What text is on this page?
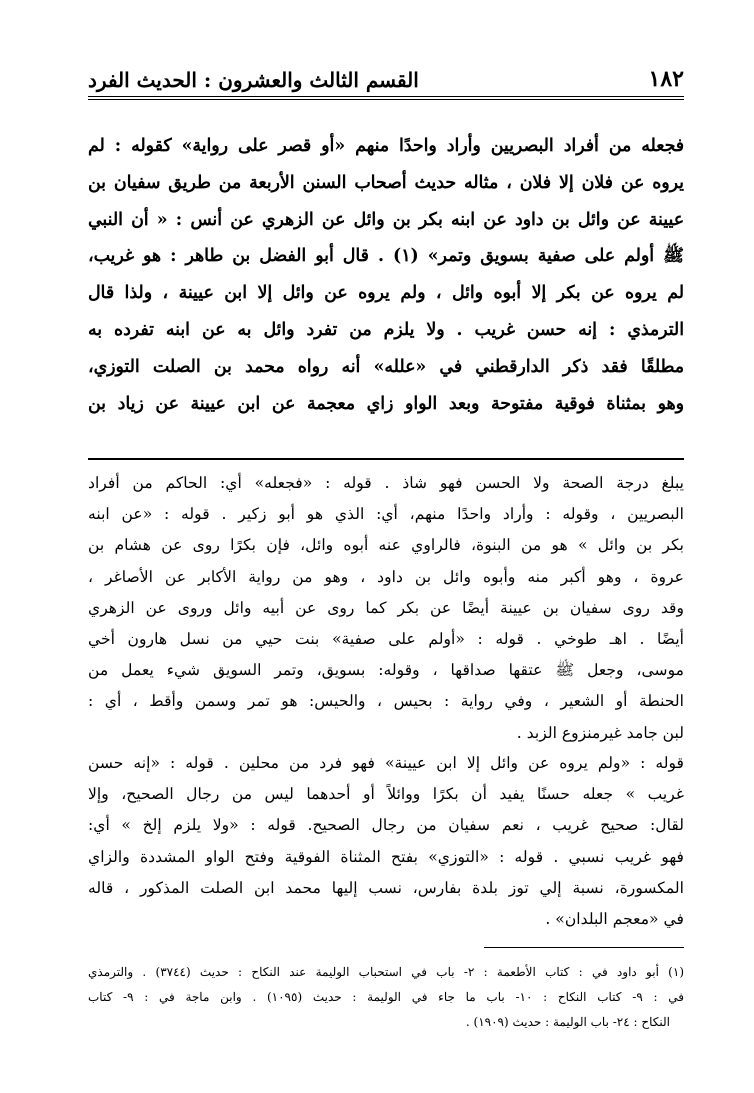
١٨٢
القسم الثالث والعشرون : الحديث الفرد
فجعله من أفراد البصريين وأراد واحدًا منهم «أو قصر على رواية» كقوله : لم
يروه عن فلان إلا فلان ، مثاله حديث أصحاب السنن الأربعة من طريق سفيان بن
عيينة عن وائل بن داود عن ابنه بكر بن وائل عن الزهري عن أنس : « أن النبي
ﷺ أولم على صفية بسويق وتمر» (١) . قال أبو الفضل بن طاهر : هو غريب،
لم يروه عن بكر إلا أبوه وائل ، ولم يروه عن وائل إلا ابن عيينة ، ولذا قال
الترمذي : إنه حسن غريب . ولا يلزم من تفرد وائل به عن ابنه تفرده به
مطلقًا فقد ذكر الدارقطني في «علله» أنه رواه محمد بن الصلت التوزي،
وهو بمثناة فوقية مفتوحة وبعد الواو زاي معجمة عن ابن عيينة عن زياد بن
يبلغ درجة الصحة ولا الحسن فهو شاذ . قوله : «فجعله» أي: الحاكم من أفراد
البصريين ، وقوله : وأراد واحدًا منهم، أي: الذي هو أبو زكير . قوله : «عن ابنه
بكر بن وائل » هو من البنوة، فالراوي عنه أبوه وائل، فإن بكرًا روى عن هشام بن
عروة ، وهو أكبر منه وأبوه وائل بن داود ، وهو من رواية الأكابر عن الأصاغر ،
وقد روى سفيان بن عيينة أيضًا عن بكر كما روى عن أبيه وائل وروى عن الزهري
أيضًا . اهـ طوخي . قوله : «أولم على صفية» بنت حيي من نسل هارون أخي
موسى، وجعل ﷺ عتقها صداقها ، وقوله: بسويق، وتمر السويق شيء يعمل من
الحنطة أو الشعير ، وفي رواية : بحيس ، والحيس: هو تمر وسمن وأقط ، أي :
لبن جامد غيرمنزوع الزبد .
قوله : «ولم يروه عن وائل إلا ابن عيينة» فهو فرد من محلين . قوله : «إنه حسن
غريب » جعله حسنًا يفيد أن بكرًا ووائلاً أو أحدهما ليس من رجال الصحيح، وإلا
لقال: صحيح غريب ، نعم سفيان من رجال الصحيح. قوله : «ولا يلزم إلخ » أي:
فهو غريب نسبي . قوله : «التوزي» بفتح المثناة الفوقية وفتح الواو المشددة والزاي
المكسورة، نسبة إلي توز بلدة بفارس، نسب إليها محمد ابن الصلت المذكور ، قاله
في «معجم البلدان» .
(١) أبو داود في : كتاب الأطعمة : ٢- باب في استحباب الوليمة عند النكاح : حديث (٣٧٤٤) . والترمذي
في : ٩- كتاب النكاح : ١٠- باب ما جاء في الوليمة : حديث (١٠٩٥) . وابن ماجة في : ٩- كتاب
النكاح : ٢٤- باب الوليمة : حديث (١٩٠٩) .
